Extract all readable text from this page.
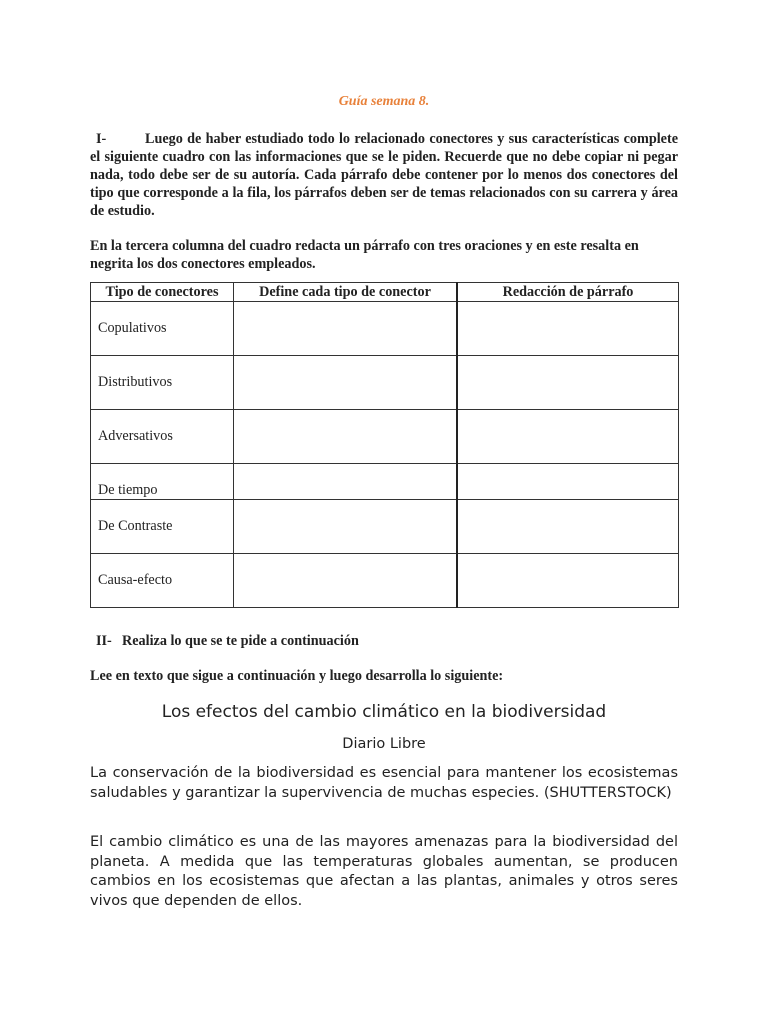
Guía semana 8.
I-	Luego de haber estudiado todo lo relacionado conectores y sus características complete el siguiente cuadro con las informaciones que se le piden. Recuerde que no debe copiar ni pegar nada, todo debe ser de su autoría. Cada párrafo debe contener por lo menos dos conectores del tipo que corresponde a la fila, los párrafos deben ser de temas relacionados con su carrera y área de estudio.
En la tercera columna del cuadro redacta un párrafo con tres oraciones y en este resalta en negrita los dos conectores empleados.
Tipo de conectores	Define cada tipo de conector	Redacción de párrafo
Copulativos		
Distributivos		
Adversativos		
De tiempo		
De Contraste		
Causa-efecto		
II- Realiza lo que se te pide a continuación
Lee en texto que sigue a continuación y luego desarrolla lo siguiente:
Los efectos del cambio climático en la biodiversidad
Diario Libre
La conservación de la biodiversidad es esencial para mantener los ecosistemas saludables y garantizar la supervivencia de muchas especies. (SHUTTERSTOCK)
El cambio climático es una de las mayores amenazas para la biodiversidad del planeta. A medida que las temperaturas globales aumentan, se producen cambios en los ecosistemas que afectan a las plantas, animales y otros seres vivos que dependen de ellos.
